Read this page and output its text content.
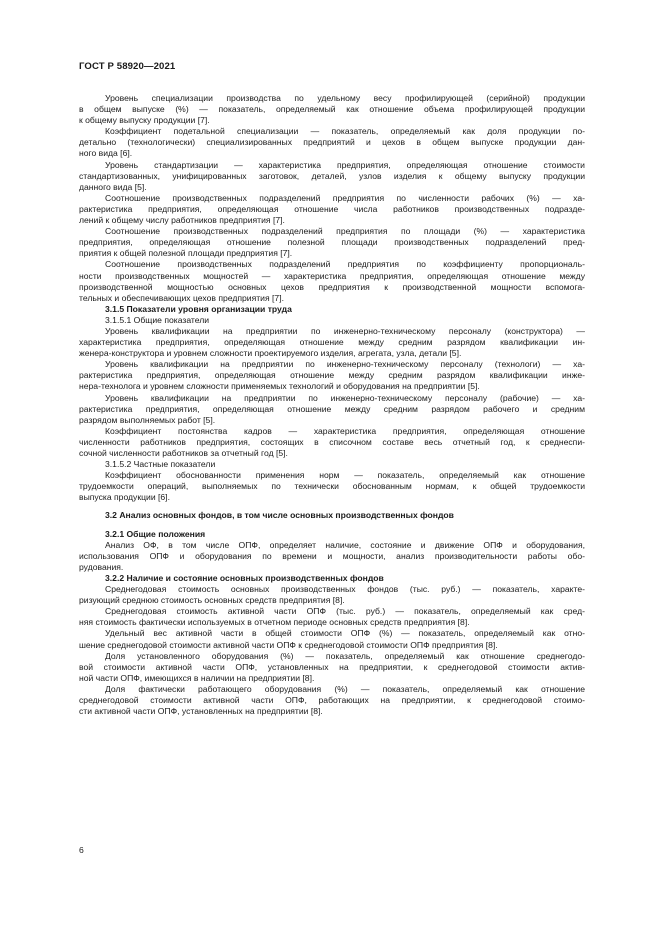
ГОСТ Р 58920—2021

Уровень специализации производства по удельному весу профилирующей (серийной) продукции
в общем выпуске (%) — показатель, определяемый как отношение объема профилирующей продукции
к общему выпуску продукции [7].

Коэффициент подетальной специализации — показатель, определяемый как доля продукции по-
детально (технологически) специализированных предприятий и цехов в общем выпуске продукции дан-
ного вида [6].

Уровень стандартизации — характеристика предприятия, определяющая отношение стоимости
стандартизованных, унифицированных заготовок, деталей, узлов изделия к общему выпуску продукции
данного вида [5].

Соотношение производственных подразделений предприятия по численности рабочих (%) — ха-
рактеристика предприятия, определяющая отношение числа работников производственных подразде-
лений к общему числу работников предприятия [7].

Соотношение производственных подразделений предприятия по площади (%) — характеристика
предприятия, определяющая отношение полезной площади производственных подразделений пред-
приятия к общей полезной площади предприятия [7].

Соотношение производственных подразделений предприятия по коэффициенту пропорциональ-
ности производственных мощностей — характеристика предприятия, определяющая отношение между
производственной мощностью основных цехов предприятия к производственной мощности вспомога-
тельных и обеспечивающих цехов предприятия [7].

3.1.5 Показатели уровня организации труда

3.1.5.1 Общие показатели

Уровень квалификации на предприятии по инженерно-техническому персоналу (конструктора) —
характеристика предприятия, определяющая отношение между средним разрядом квалификации ин-
женера-конструктора и уровнем сложности проектируемого изделия, агрегата, узла, детали [5].

Уровень квалификации на предприятии по инженерно-техническому персоналу (технологи) — ха-
рактеристика предприятия, определяющая отношение между средним разрядом квалификации инже-
нера-технолога и уровнем сложности применяемых технологий и оборудования на предприятии [5].

Уровень квалификации на предприятии по инженерно-техническому персоналу (рабочие) — ха-
рактеристика предприятия, определяющая отношение между средним разрядом рабочего и средним
разрядом выполняемых работ [5].

Коэффициент постоянства кадров — характеристика предприятия, определяющая отношение
численности работников предприятия, состоящих в списочном составе весь отчетный год, к среднеспи-
сочной численности работников за отчетный год [5].

3.1.5.2 Частные показатели

Коэффициент обоснованности применения норм — показатель, определяемый как отношение
трудоемкости операций, выполняемых по технически обоснованным нормам, к общей трудоемкости
выпуска продукции [6].

3.2 Анализ основных фондов, в том числе основных производственных фондов

3.2.1 Общие положения

Анализ ОФ, в том числе ОПФ, определяет наличие, состояние и движение ОПФ и оборудования,
использования ОПФ и оборудования по времени и мощности, анализ производительности работы обо-
рудования.

3.2.2 Наличие и состояние основных производственных фондов

Среднегодовая стоимость основных производственных фондов (тыс. руб.) — показатель, характе-
ризующий среднюю стоимость основных средств предприятия [8].

Среднегодовая стоимость активной части ОПФ (тыс. руб.) — показатель, определяемый как сред-
няя стоимость фактически используемых в отчетном периоде основных средств предприятия [8].

Удельный вес активной части в общей стоимости ОПФ (%) — показатель, определяемый как отно-
шение среднегодовой стоимости активной части ОПФ к среднегодовой стоимости ОПФ предприятия [8].

Доля установленного оборудования (%) — показатель, определяемый как отношение среднегодо-
вой стоимости активной части ОПФ, установленных на предприятии, к среднегодовой стоимости актив-
ной части ОПФ, имеющихся в наличии на предприятии [8].

Доля фактически работающего оборудования (%) — показатель, определяемый как отношение
среднегодовой стоимости активной части ОПФ, работающих на предприятии, к среднегодовой стоимо-
сти активной части ОПФ, установленных на предприятии [8].

6
